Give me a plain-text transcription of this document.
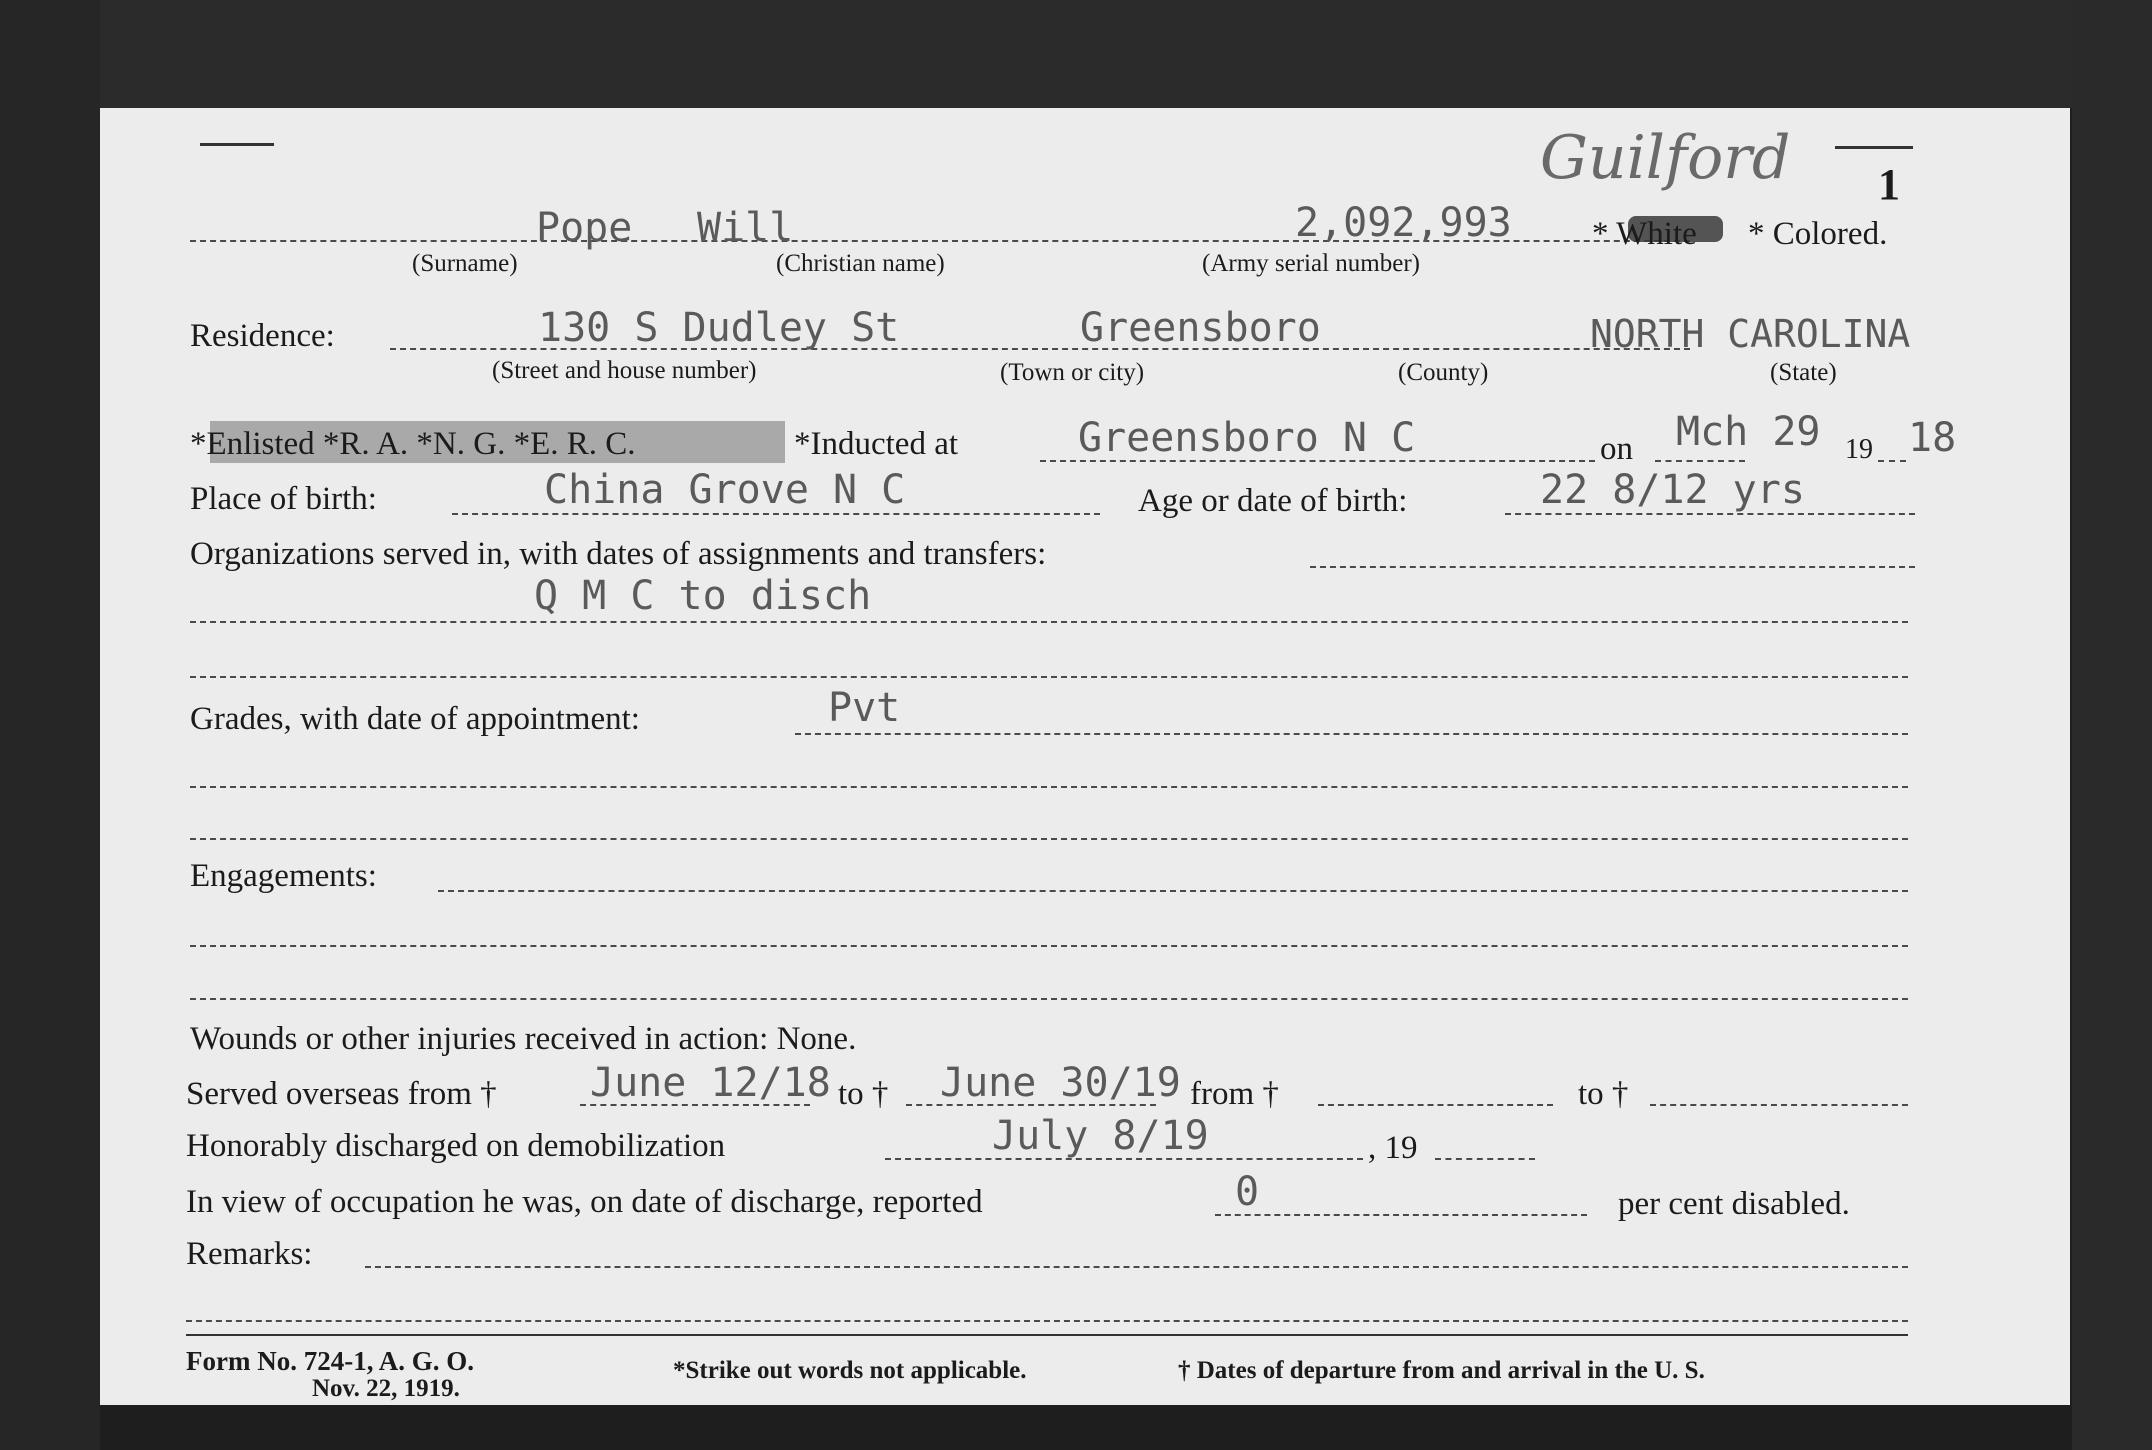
1
Guilford
Pope Will	2,092,993 * White * Colored.
(Surname)	(Christian name)	(Army serial number)
Residence:	130 S Dudley St	Greensboro	NORTH CAROLINA
(Street and house number)	(Town or city)	(County)	(State)
*Enlisted *R. A. *N. G. *E. R. C.	*Inducted at	Greensboro N C	on Mch 29 19 18
Place of birth:	China Grove N C	Age or date of birth:	22 8/12 yrs
Organizations served in, with dates of assignments and transfers:
Q M C to disch
Grades, with date of appointment:	Pvt
Engagements:
Wounds or other injuries received in action: None.
Served overseas from † June 12/18 to † June 30/19 from †	to †
Honorably discharged on demobilization	July 8/19	, 19
In view of occupation he was, on date of discharge, reported	0	per cent disabled.
Remarks:
Form No. 724-1, A. G. O.
Nov. 22, 1919.
*Strike out words not applicable.	† Dates of departure from and arrival in the U. S.
